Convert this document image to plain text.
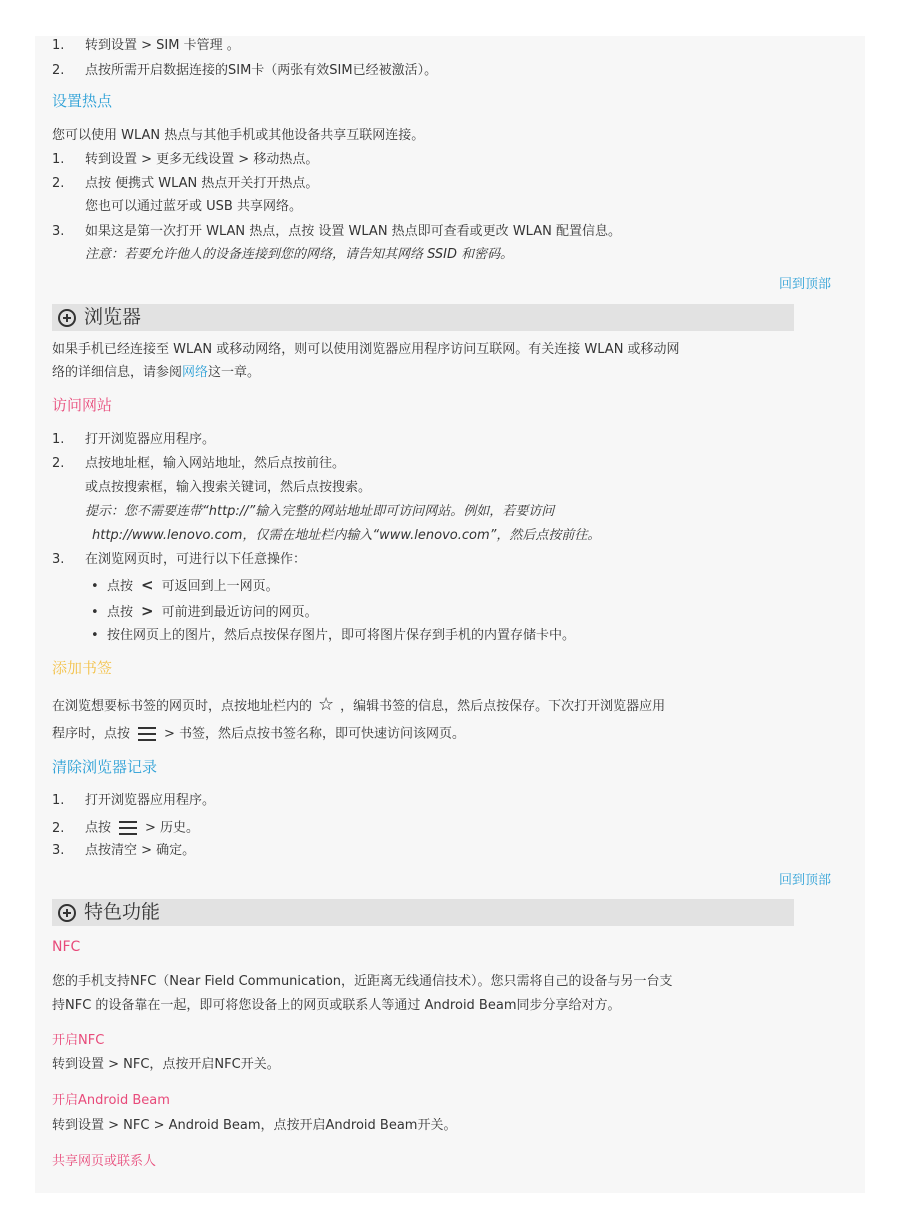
1. 转到设置 > SIM 卡管理 。
2. 点按所需开启数据连接的SIM卡（两张有效SIM已经被激活）。
设置热点
您可以使用 WLAN 热点与其他手机或其他设备共享互联网连接。
1. 转到设置 > 更多无线设置 > 移动热点。
2. 点按 便携式 WLAN 热点开关打开热点。
您也可以通过蓝牙或 USB 共享网络。
3. 如果这是第一次打开 WLAN 热点，点按 设置 WLAN 热点即可查看或更改 WLAN 配置信息。
注意：若要允许他人的设备连接到您的网络，请告知其网络 SSID 和密码。
回到顶部
浏览器
如果手机已经连接至 WLAN 或移动网络，则可以使用浏览器应用程序访问互联网。有关连接 WLAN 或移动网
络的详细信息，请参阅网络这一章。
访问网站
1. 打开浏览器应用程序。
2. 点按地址框，输入网站地址，然后点按前往。
或点按搜索框，输入搜索关键词，然后点按搜索。
提示：您不需要连带“http://”输入完整的网站地址即可访问网站。例如，若要访问
http://www.lenovo.com，仅需在地址栏内输入“www.lenovo.com”，然后点按前往。
3. 在浏览网页时，可进行以下任意操作：
• 点按 < 可返回到上一网页。
• 点按 > 可前进到最近访问的网页。
• 按住网页上的图片，然后点按保存图片，即可将图片保存到手机的内置存储卡中。
添加书签
在浏览想要标书签的网页时，点按地址栏内的 ☆ ，编辑书签的信息，然后点按保存。下次打开浏览器应用
程序时，点按	> 书签，然后点按书签名称，即可快速访问该网页。
清除浏览器记录
1. 打开浏览器应用程序。
2. 点按	> 历史。
3. 点按清空 > 确定。
回到顶部
特色功能
NFC
您的手机支持NFC（Near Field Communication，近距离无线通信技术）。您只需将自己的设备与另一台支
持NFC 的设备靠在一起，即可将您设备上的网页或联系人等通过 Android Beam同步分享给对方。
开启NFC
转到设置 > NFC，点按开启NFC开关。
开启Android Beam
转到设置 > NFC > Android Beam，点按开启Android Beam开关。
共享网页或联系人
